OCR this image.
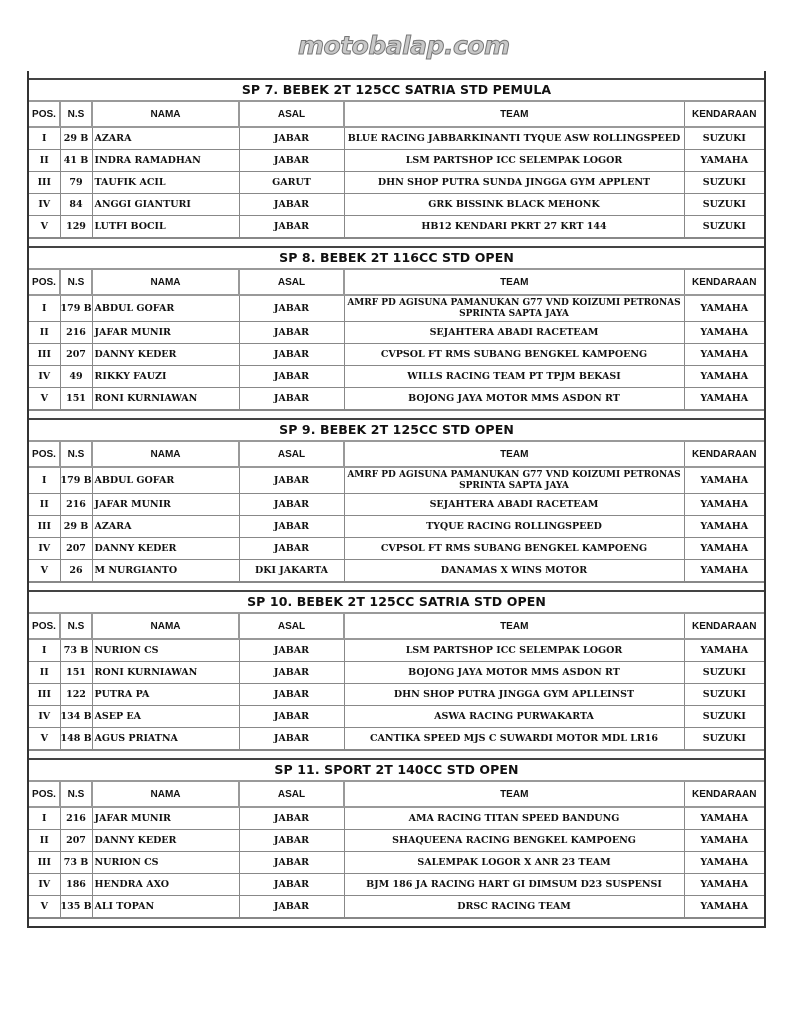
SP 7. BEBEK 2T 125CC SATRIA STD PEMULA
POS.	N.S	NAMA	ASAL	TEAM	KENDARAAN
I	29 B	AZARA	JABAR	BLUE RACING JABBARKINANTI TYQUE ASW ROLLINGSPEED	SUZUKI
II	41 B	INDRA RAMADHAN	JABAR	LSM PARTSHOP ICC SELEMPAK LOGOR	YAMAHA
III	79	TAUFIK ACIL	GARUT	DHN SHOP PUTRA SUNDA JINGGA GYM APPLENT	SUZUKI
IV	84	ANGGI GIANTURI	JABAR	GRK BISSINK BLACK MEHONK	SUZUKI
V	129	LUTFI BOCIL	JABAR	HB12 KENDARI PKRT 27 KRT 144	SUZUKI
SP 8. BEBEK 2T 116CC STD OPEN
POS.	N.S	NAMA	ASAL	TEAM	KENDARAAN
I	179 B	ABDUL GOFAR	JABAR	AMRF PD AGISUNA PAMANUKAN G77 VND KOIZUMI PETRONAS SPRINTA SAPTA JAYA	YAMAHA
II	216	JAFAR MUNIR	JABAR	SEJAHTERA ABADI RACETEAM	YAMAHA
III	207	DANNY KEDER	JABAR	CVPSOL FT RMS SUBANG BENGKEL KAMPOENG	YAMAHA
IV	49	RIKKY FAUZI	JABAR	WILLS RACING TEAM PT TPJM BEKASI	YAMAHA
V	151	RONI KURNIAWAN	JABAR	BOJONG JAYA MOTOR MMS ASDON RT	YAMAHA
SP 9. BEBEK 2T 125CC STD OPEN
POS.	N.S	NAMA	ASAL	TEAM	KENDARAAN
I	179 B	ABDUL GOFAR	JABAR	AMRF PD AGISUNA PAMANUKAN G77 VND KOIZUMI PETRONAS SPRINTA SAPTA JAYA	YAMAHA
II	216	JAFAR MUNIR	JABAR	SEJAHTERA ABADI RACETEAM	YAMAHA
III	29 B	AZARA	JABAR	TYQUE RACING ROLLINGSPEED	YAMAHA
IV	207	DANNY KEDER	JABAR	CVPSOL FT RMS SUBANG BENGKEL KAMPOENG	YAMAHA
V	26	M NURGIANTO	DKI JAKARTA	DANAMAS X WINS MOTOR	YAMAHA
SP 10. BEBEK 2T 125CC SATRIA STD OPEN
POS.	N.S	NAMA	ASAL	TEAM	KENDARAAN
I	73 B	NURION CS	JABAR	LSM PARTSHOP ICC SELEMPAK LOGOR	YAMAHA
II	151	RONI KURNIAWAN	JABAR	BOJONG JAYA MOTOR MMS ASDON RT	SUZUKI
III	122	PUTRA PA	JABAR	DHN SHOP PUTRA JINGGA GYM APLLEINST	SUZUKI
IV	134 B	ASEP EA	JABAR	ASWA RACING PURWAKARTA	SUZUKI
V	148 B	AGUS PRIATNA	JABAR	CANTIKA SPEED MJS C SUWARDI MOTOR MDL LR16	SUZUKI
SP 11. SPORT 2T 140CC STD OPEN
POS.	N.S	NAMA	ASAL	TEAM	KENDARAAN
I	216	JAFAR MUNIR	JABAR	AMA RACING TITAN SPEED BANDUNG	YAMAHA
II	207	DANNY KEDER	JABAR	SHAQUEENA RACING BENGKEL KAMPOENG	YAMAHA
III	73 B	NURION CS	JABAR	SALEMPAK LOGOR X ANR 23 TEAM	YAMAHA
IV	186	HENDRA AXO	JABAR	BJM 186 JA RACING HART GI DIMSUM D23 SUSPENSI	YAMAHA
V	135 B	ALI TOPAN	JABAR	DRSC RACING TEAM	YAMAHA
motobalap.com
